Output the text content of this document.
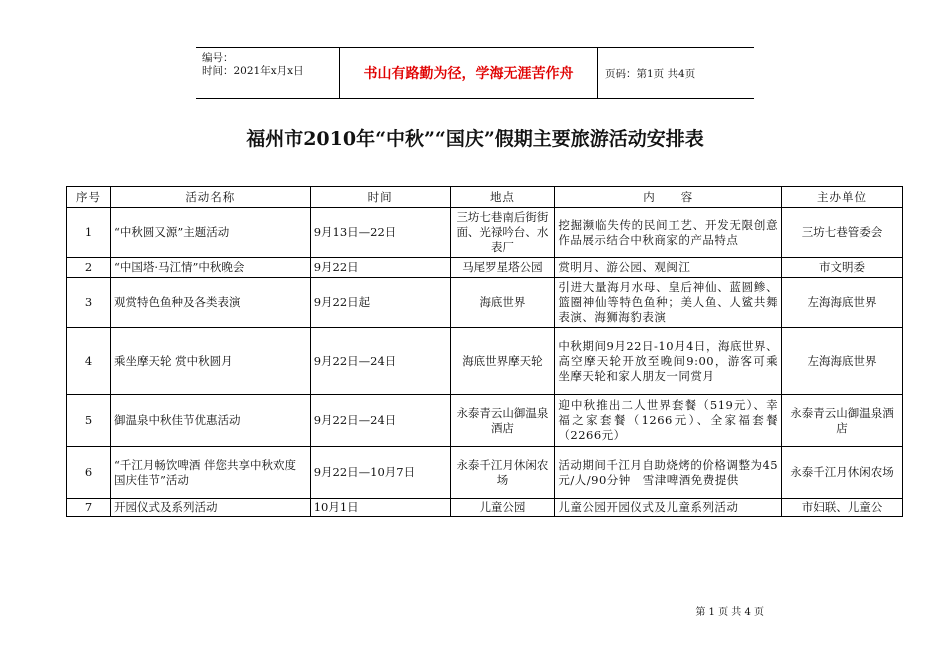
编号：
时间：2021年x月x日	书山有路勤为径，学海无涯苦作舟	页码：第1页 共4页
福州市2010年“中秋”“国庆”假期主要旅游活动安排表
序号	活动名称	时间	地点	内　　容	主办单位
1	“中秋圆又源”主题活动	9月13日—22日	三坊七巷南后街街面、光禄吟台、水表厂	挖掘濒临失传的民间工艺、开发无限创意作品展示结合中秋商家的产品特点	三坊七巷管委会
2	“中国塔·马江情”中秋晚会	9月22日	马尾罗星塔公园	赏明月、游公园、观闽江	市文明委
3	观赏特色鱼种及各类表演	9月22日起	海底世界	引进大量海月水母、皇后神仙、蓝圆鲹、篮圈神仙等特色鱼种；美人鱼、人鲨共舞表演、海狮海豹表演	左海海底世界
4	乘坐摩天轮 赏中秋圆月	9月22日—24日	海底世界摩天轮	中秋期间9月22日-10月4日，海底世界、高空摩天轮开放至晚间9:00，游客可乘坐摩天轮和家人朋友一同赏月	左海海底世界
5	御温泉中秋佳节优惠活动	9月22日—24日	永泰青云山御温泉酒店	迎中秋推出二人世界套餐（519元）、幸福之家套餐（1266元）、全家福套餐（2266元）	永泰青云山御温泉酒店
6	“千江月畅饮啤酒 伴您共享中秋欢度国庆佳节”活动	9月22日—10月7日	永泰千江月休闲农场	活动期间千江月自助烧烤的价格调整为45元/人/90分钟　雪津啤酒免费提供	永泰千江月休闲农场
7	开园仪式及系列活动	10月1日	儿童公园	儿童公园开园仪式及儿童系列活动	市妇联、儿童公
第 1 页 共 4 页
